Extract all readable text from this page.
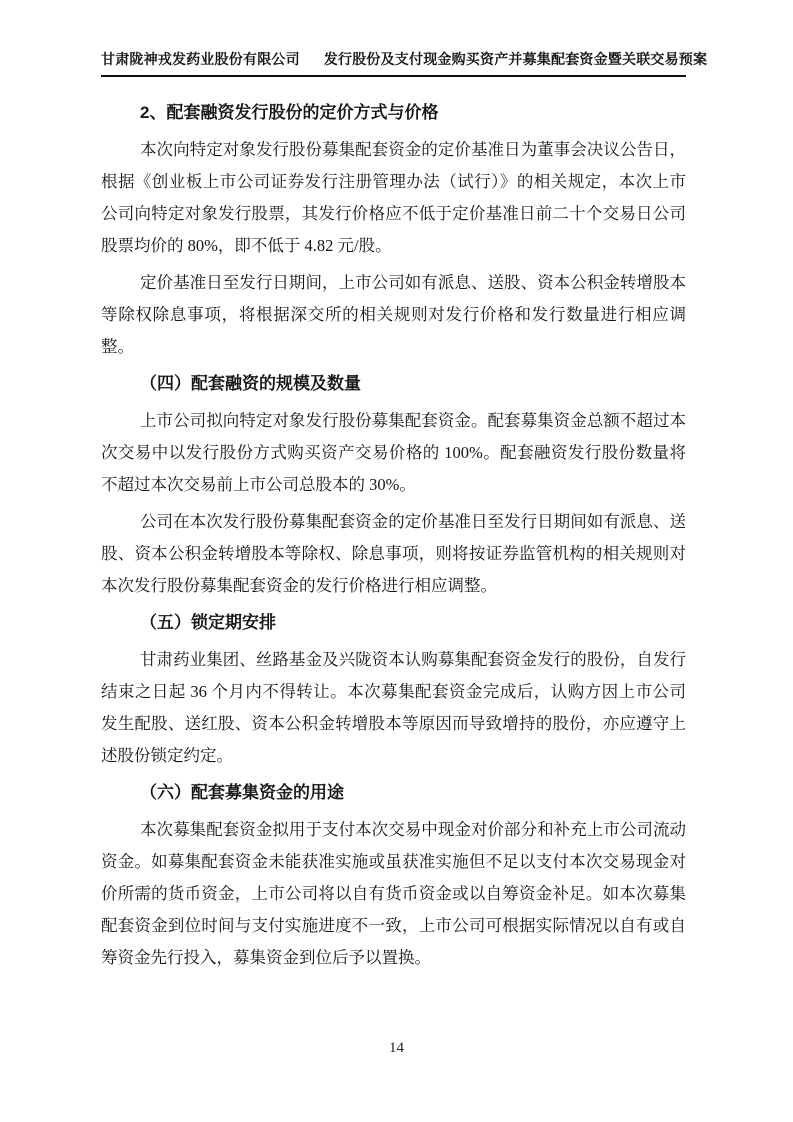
甘肃陇神戎发药业股份有限公司 发行股份及支付现金购买资产并募集配套资金暨关联交易预案

2、配套融资发行股份的定价方式与价格

本次向特定对象发行股份募集配套资金的定价基准日为董事会决议公告日，根据《创业板上市公司证券发行注册管理办法（试行）》的相关规定，本次上市公司向特定对象发行股票，其发行价格应不低于定价基准日前二十个交易日公司股票均价的 80%，即不低于 4.82 元/股。

定价基准日至发行日期间，上市公司如有派息、送股、资本公积金转增股本等除权除息事项，将根据深交所的相关规则对发行价格和发行数量进行相应调整。

（四）配套融资的规模及数量

上市公司拟向特定对象发行股份募集配套资金。配套募集资金总额不超过本次交易中以发行股份方式购买资产交易价格的 100%。配套融资发行股份数量将不超过本次交易前上市公司总股本的 30%。

公司在本次发行股份募集配套资金的定价基准日至发行日期间如有派息、送股、资本公积金转增股本等除权、除息事项，则将按证券监管机构的相关规则对本次发行股份募集配套资金的发行价格进行相应调整。

（五）锁定期安排

甘肃药业集团、丝路基金及兴陇资本认购募集配套资金发行的股份，自发行结束之日起 36 个月内不得转让。本次募集配套资金完成后，认购方因上市公司发生配股、送红股、资本公积金转增股本等原因而导致增持的股份，亦应遵守上述股份锁定约定。

（六）配套募集资金的用途

本次募集配套资金拟用于支付本次交易中现金对价部分和补充上市公司流动资金。如募集配套资金未能获准实施或虽获准实施但不足以支付本次交易现金对价所需的货币资金，上市公司将以自有货币资金或以自筹资金补足。如本次募集配套资金到位时间与支付实施进度不一致，上市公司可根据实际情况以自有或自筹资金先行投入，募集资金到位后予以置换。

14
